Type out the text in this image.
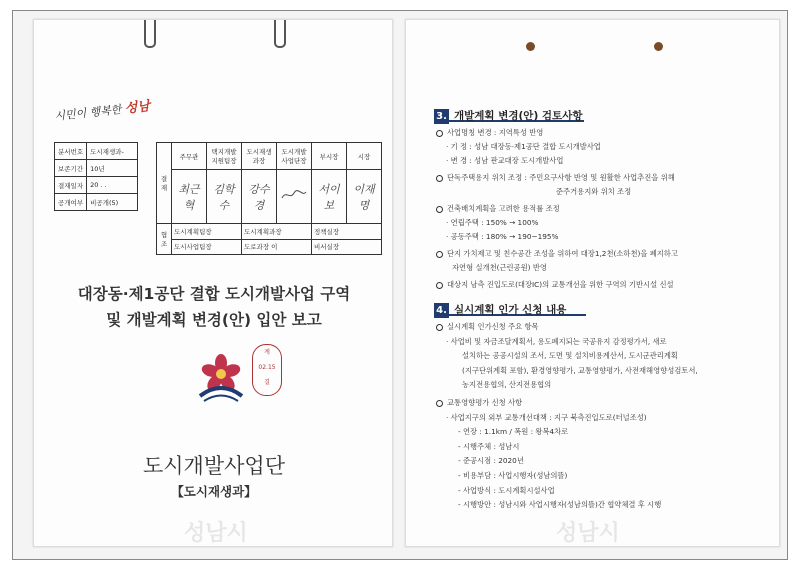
시민이 행복한 성남
분서번호	도시재생과-
보존기간	10년
결재일자	20 . .
공개여부	비공개(5)
결재	주무관	택지개발지원팀장	도시재생과장	도시개발사업단장	부시장	시장
	최근혁	김학수	강수경		서이보	이재명
협조	도시계획팀장		도시계획과장		정책실장	
	도시사업팀장		도로과장 이		비서실장	
대장동·제1공단 결합 도시개발사업 구역
및 개발계획 변경(안) 입안 보고
계
02.15
결
도시개발사업단
【도시재생과】
성남시
3. 개발계획 변경(안) 검토사항
사업명칭 변경 : 지역특성 반영
· 기 정 : 성남 대장동·제1공단 결합 도시개발사업
· 변 경 : 성남 판교대장 도시개발사업
단독주택용지 위치 조정 : 주민요구사항 반영 및 원활한 사업추진을 위해
준주거용지와 위치 조정
건축배치계획을 고려한 용적률 조정
· 연립주택 : 150% → 100%
· 공동주택 : 180% → 190~195%
단지 가치제고 및 친수공간 조성을 위하여 대장1,2천(소하천)을 폐지하고
자연형 실개천(근린공원) 반영
대상지 남측 진입도로(대장IC)의 교통개선을 위한 구역의 기반시설 신설
4. 실시계획 인가 신청 내용
실시계획 인가신청 주요 항목
· 사업비 및 자금조달계획서, 용도폐지되는 국공유지 감정평가서, 새로
설치하는 공공시설의 조서, 도면 및 설치비용계산서, 도시군관리계획
(지구단위계획 포함), 환경영향평가, 교통영향평가, 사전재해영향성검토서,
농지전용협의, 산지전용협의
교통영향평가 신청 사항
· 사업지구의 외부 교통개선대책 : 지구 북측진입도로(터널조성)
- 연장 : 1.1km / 폭원 : 왕복4차로
- 시행주체 : 성남시
- 준공시점 : 2020년
- 비용부담 : 사업시행자(성남의뜰)
- 사업방식 : 도시계획시설사업
- 시행방안 : 성남시와 사업시행자(성남의뜰)간 협약체결 후 시행
성남시
